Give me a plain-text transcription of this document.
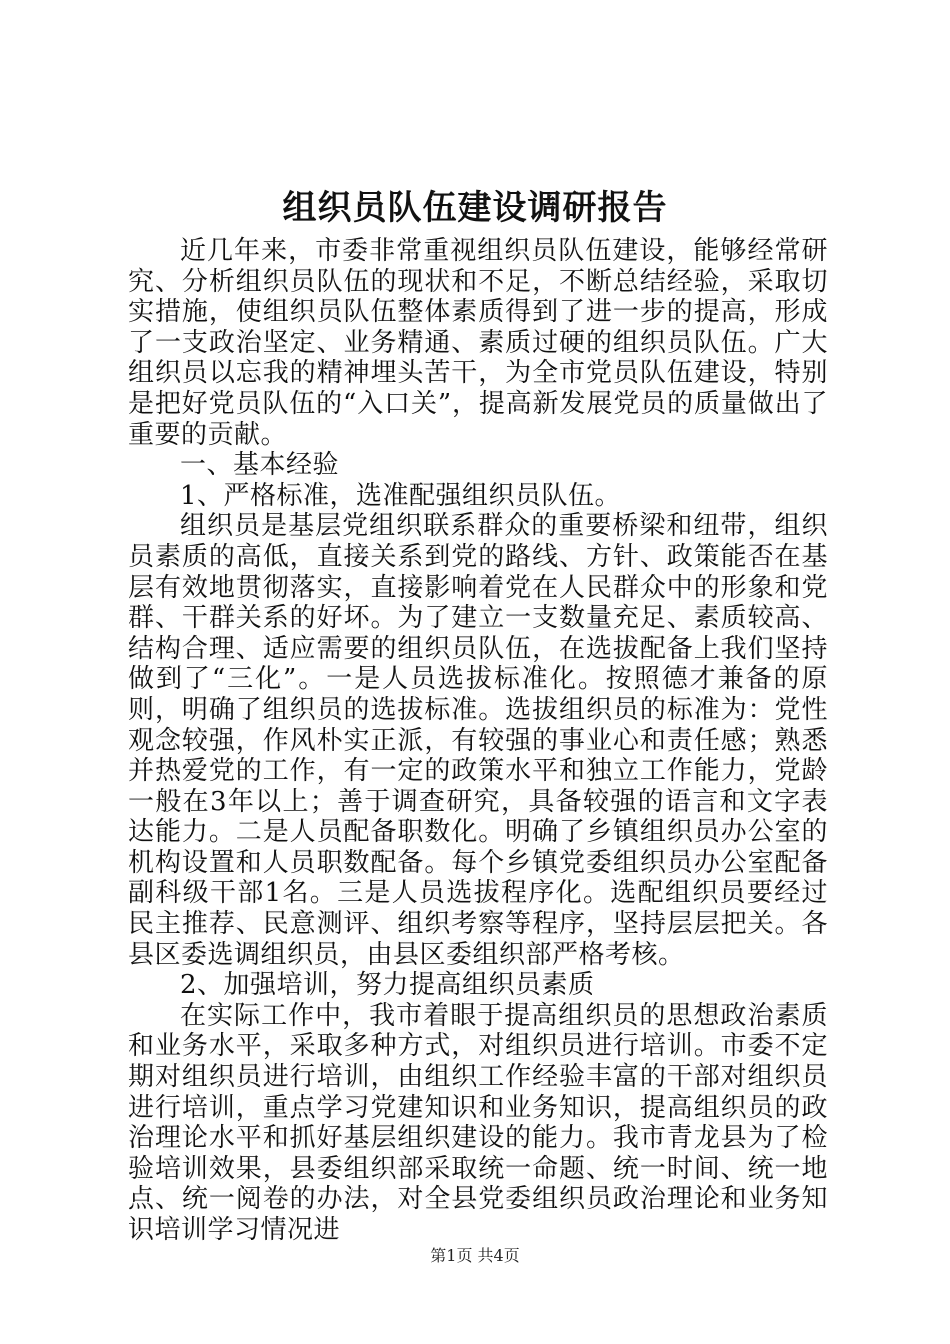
组织员队伍建设调研报告

近几年来，市委非常重视组织员队伍建设，能够经常研究、分析组织员队伍的现状和不足，不断总结经验，采取切实措施，使组织员队伍整体素质得到了进一步的提高，形成了一支政治坚定、业务精通、素质过硬的组织员队伍。广大组织员以忘我的精神埋头苦干，为全市党员队伍建设，特别是把好党员队伍的“入口关”，提高新发展党员的质量做出了重要的贡献。

一、基本经验

1、严格标准，选准配强组织员队伍。

组织员是基层党组织联系群众的重要桥梁和纽带，组织员素质的高低，直接关系到党的路线、方针、政策能否在基层有效地贯彻落实，直接影响着党在人民群众中的形象和党群、干群关系的好坏。为了建立一支数量充足、素质较高、结构合理、适应需要的组织员队伍，在选拔配备上我们坚持做到了“三化”。一是人员选拔标准化。按照德才兼备的原则，明确了组织员的选拔标准。选拔组织员的标准为：党性观念较强，作风朴实正派，有较强的事业心和责任感；熟悉并热爱党的工作，有一定的政策水平和独立工作能力，党龄一般在3年以上；善于调查研究，具备较强的语言和文字表达能力。二是人员配备职数化。明确了乡镇组织员办公室的机构设置和人员职数配备。每个乡镇党委组织员办公室配备副科级干部1名。三是人员选拔程序化。选配组织员要经过民主推荐、民意测评、组织考察等程序，坚持层层把关。各县区委选调组织员，由县区委组织部严格考核。

2、加强培训，努力提高组织员素质

在实际工作中，我市着眼于提高组织员的思想政治素质和业务水平，采取多种方式，对组织员进行培训。市委不定期对组织员进行培训，由组织工作经验丰富的干部对组织员进行培训，重点学习党建知识和业务知识，提高组织员的政治理论水平和抓好基层组织建设的能力。我市青龙县为了检验培训效果，县委组织部采取统一命题、统一时间、统一地点、统一阅卷的办法，对全县党委组织员政治理论和业务知识培训学习情况进

第1页 共4页
